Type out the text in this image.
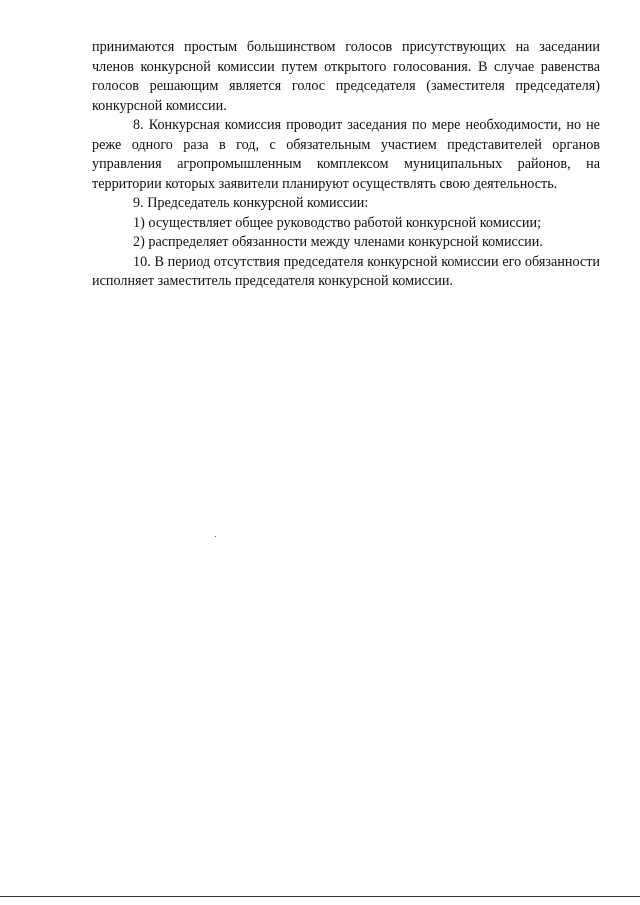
принимаются простым большинством голосов присутствующих на заседании членов конкурсной комиссии путем открытого голосования. В случае равенства голосов решающим является голос председателя (заместителя председателя) конкурсной комиссии.

8. Конкурсная комиссия проводит заседания по мере необходимости, но не реже одного раза в год, с обязательным участием представителей органов управления агропромышленным комплексом муниципальных районов, на территории которых заявители планируют осуществлять свою деятельность.

9. Председатель конкурсной комиссии:

1) осуществляет общее руководство работой конкурсной комиссии;

2) распределяет обязанности между членами конкурсной комиссии.

10. В период отсутствия председателя конкурсной комиссии его обязанности исполняет заместитель председателя конкурсной комиссии.
